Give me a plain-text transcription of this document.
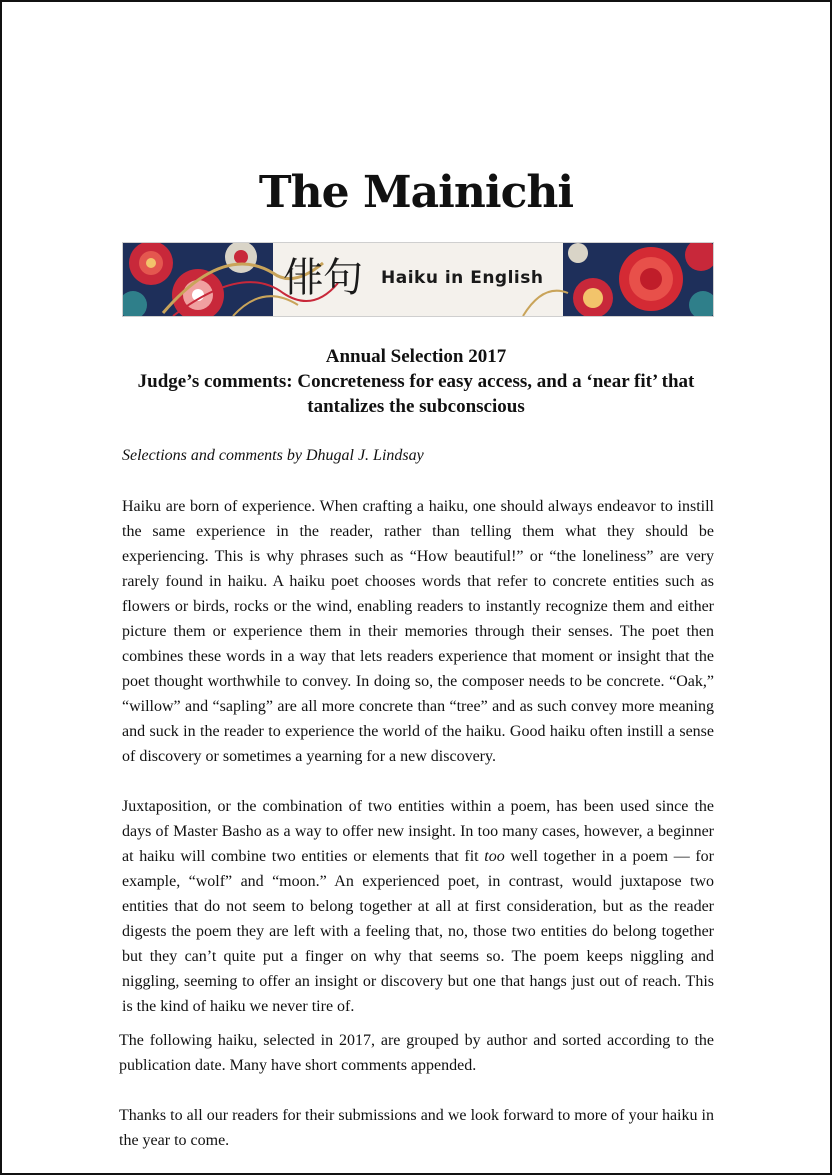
The Mainichi
俳句 Haiku in English
Annual Selection 2017
Judge’s comments: Concreteness for easy access, and a ‘near fit’ that tantalizes the subconscious
Selections and comments by Dhugal J. Lindsay

Haiku are born of experience. When crafting a haiku, one should always endeavor to instill the same experience in the reader, rather than telling them what they should be experiencing. This is why phrases such as “How beautiful!” or “the loneliness” are very rarely found in haiku. A haiku poet chooses words that refer to concrete entities such as flowers or birds, rocks or the wind, enabling readers to instantly recognize them and either picture them or experience them in their memories through their senses. The poet then combines these words in a way that lets readers experience that moment or insight that the poet thought worthwhile to convey. In doing so, the composer needs to be concrete. “Oak,” “willow” and “sapling” are all more concrete than “tree” and as such convey more meaning and suck in the reader to experience the world of the haiku. Good haiku often instill a sense of discovery or sometimes a yearning for a new discovery.

Juxtaposition, or the combination of two entities within a poem, has been used since the days of Master Basho as a way to offer new insight. In too many cases, however, a beginner at haiku will combine two entities or elements that fit too well together in a poem — for example, “wolf” and “moon.” An experienced poet, in contrast, would juxtapose two entities that do not seem to belong together at all at first consideration, but as the reader digests the poem they are left with a feeling that, no, those two entities do belong together but they can’t quite put a finger on why that seems so. The poem keeps niggling and niggling, seeming to offer an insight or discovery but one that hangs just out of reach. This is the kind of haiku we never tire of.

The following haiku, selected in 2017, are grouped by author and sorted according to the publication date. Many have short comments appended.

Thanks to all our readers for their submissions and we look forward to more of your haiku in the year to come.
